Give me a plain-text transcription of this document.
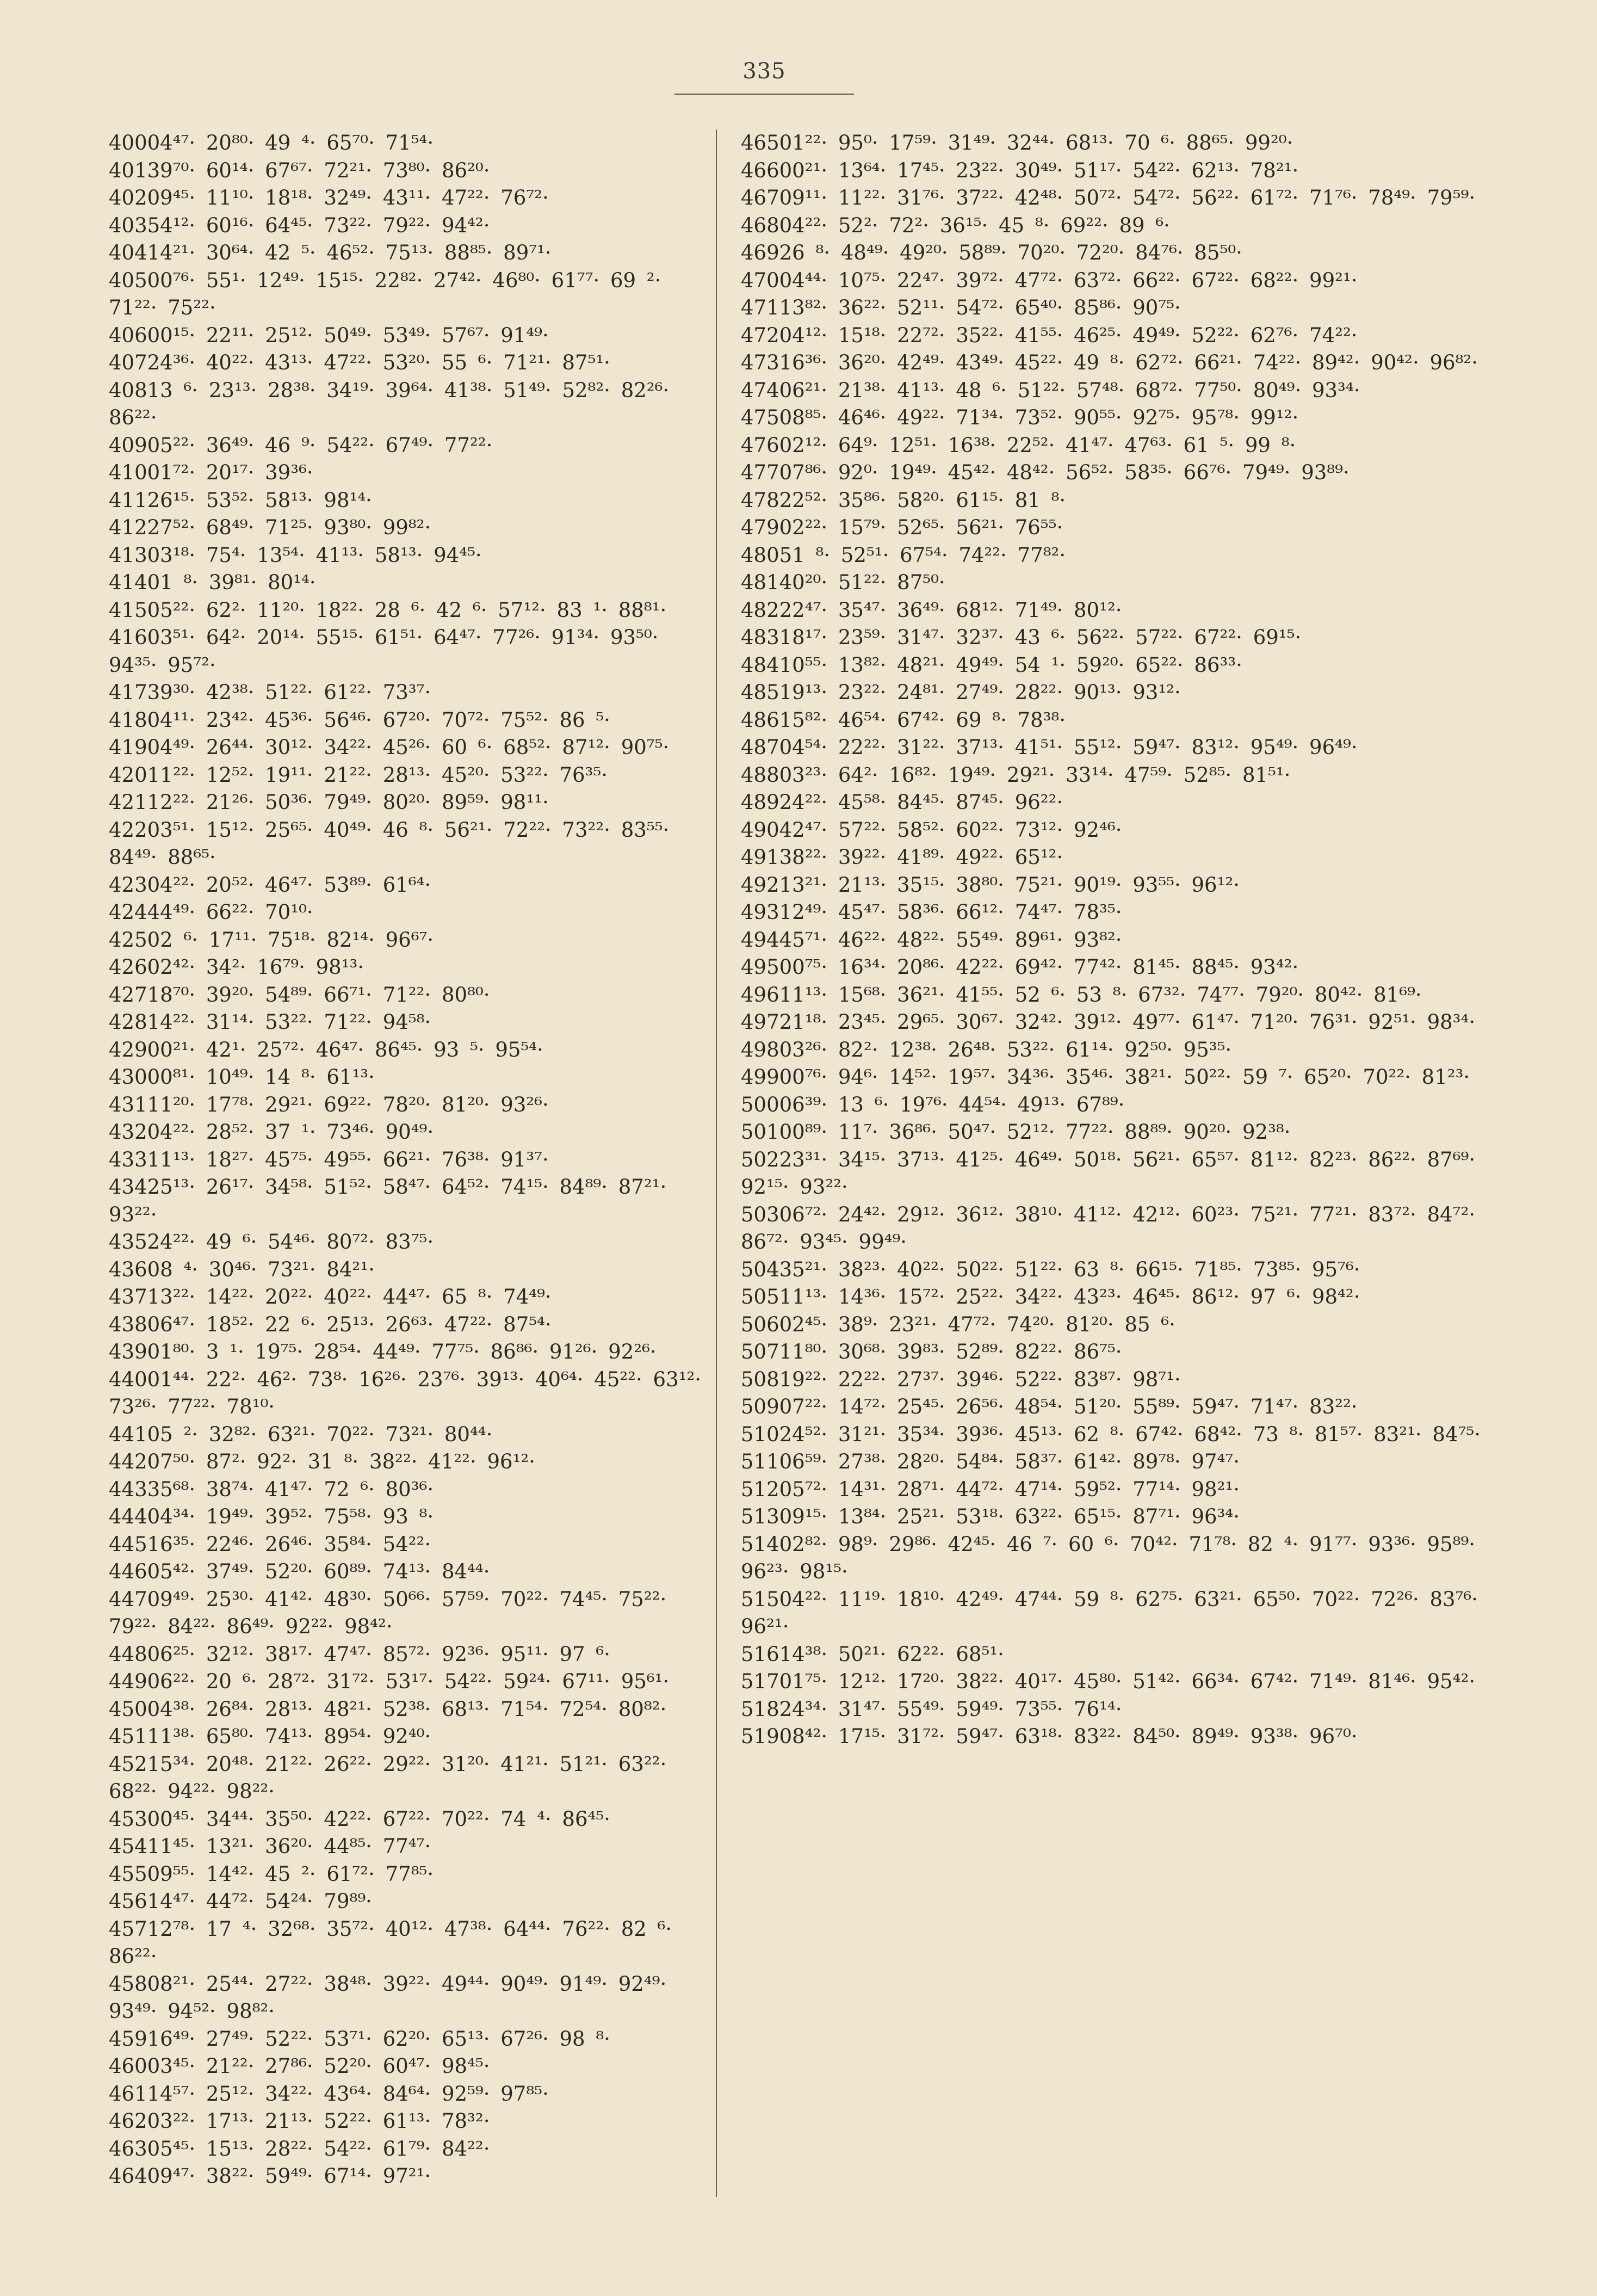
335
40004⁴⁷· 20⁸⁰· 49 ⁴· 65⁷⁰· 71⁵⁴·
40139⁷⁰· 60¹⁴· 67⁶⁷· 72²¹· 73⁸⁰· 86²⁰·
40209⁴⁵· 11¹⁰· 18¹⁸· 32⁴⁹· 43¹¹· 47²²· 76⁷²·
40354¹²· 60¹⁶· 64⁴⁵· 73²²· 79²²· 94⁴²·
40414²¹· 30⁶⁴· 42 ⁵· 46⁵²· 75¹³· 88⁸⁵· 89⁷¹·
40500⁷⁶· 55¹· 12⁴⁹· 15¹⁵· 22⁸²· 27⁴²· 46⁸⁰· 61⁷⁷· 69 ²· 71²²· 75²²·
40600¹⁵· 22¹¹· 25¹²· 50⁴⁹· 53⁴⁹· 57⁶⁷· 91⁴⁹·
40724³⁶· 40²²· 43¹³· 47²²· 53²⁰· 55 ⁶· 71²¹· 87⁵¹·
40813 ⁶· 23¹³· 28³⁸· 34¹⁹· 39⁶⁴· 41³⁸· 51⁴⁹· 52⁸²· 82²⁶· 86²²·
40905²²· 36⁴⁹· 46 ⁹· 54²²· 67⁴⁹· 77²²·
41001⁷²· 20¹⁷· 39³⁶·
41126¹⁵· 53⁵²· 58¹³· 98¹⁴·
41227⁵²· 68⁴⁹· 71²⁵· 93⁸⁰· 99⁸²·
41303¹⁸· 75⁴· 13⁵⁴· 41¹³· 58¹³· 94⁴⁵·
41401 ⁸· 39⁸¹· 80¹⁴·
41505²²· 62²· 11²⁰· 18²²· 28 ⁶· 42 ⁶· 57¹²· 83 ¹· 88⁸¹·
41603⁵¹· 64²· 20¹⁴· 55¹⁵· 61⁵¹· 64⁴⁷· 77²⁶· 91³⁴· 93⁵⁰· 94³⁵· 95⁷²·
41739³⁰· 42³⁸· 51²²· 61²²· 73³⁷·
41804¹¹· 23⁴²· 45³⁶· 56⁴⁶· 67²⁰· 70⁷²· 75⁵²· 86 ⁵·
41904⁴⁹· 26⁴⁴· 30¹²· 34²²· 45²⁶· 60 ⁶· 68⁵²· 87¹²· 90⁷⁵·
42011²²· 12⁵²· 19¹¹· 21²²· 28¹³· 45²⁰· 53²²· 76³⁵·
42112²²· 21²⁶· 50³⁶· 79⁴⁹· 80²⁰· 89⁵⁹· 98¹¹·
42203⁵¹· 15¹²· 25⁶⁵· 40⁴⁹· 46 ⁸· 56²¹· 72²²· 73²²· 83⁵⁵· 84⁴⁹· 88⁶⁵·
42304²²· 20⁵²· 46⁴⁷· 53⁸⁹· 61⁶⁴·
42444⁴⁹· 66²²· 70¹⁰·
42502 ⁶· 17¹¹· 75¹⁸· 82¹⁴· 96⁶⁷·
42602⁴²· 34²· 16⁷⁹· 98¹³·
42718⁷⁰· 39²⁰· 54⁸⁹· 66⁷¹· 71²²· 80⁸⁰·
42814²²· 31¹⁴· 53²²· 71²²· 94⁵⁸·
42900²¹· 42¹· 25⁷²· 46⁴⁷· 86⁴⁵· 93 ⁵· 95⁵⁴·
43000⁸¹· 10⁴⁹· 14 ⁸· 61¹³·
43111²⁰· 17⁷⁸· 29²¹· 69²²· 78²⁰· 81²⁰· 93²⁶·
43204²²· 28⁵²· 37 ¹· 73⁴⁶· 90⁴⁹·
43311¹³· 18²⁷· 45⁷⁵· 49⁵⁵· 66²¹· 76³⁸· 91³⁷·
43425¹³· 26¹⁷· 34⁵⁸· 51⁵²· 58⁴⁷· 64⁵²· 74¹⁵· 84⁸⁹· 87²¹· 93²²·
43524²²· 49 ⁶· 54⁴⁶· 80⁷²· 83⁷⁵·
43608 ⁴· 30⁴⁶· 73²¹· 84²¹·
43713²²· 14²²· 20²²· 40²²· 44⁴⁷· 65 ⁸· 74⁴⁹·
43806⁴⁷· 18⁵²· 22 ⁶· 25¹³· 26⁶³· 47²²· 87⁵⁴·
43901⁸⁰· 3 ¹· 19⁷⁵· 28⁵⁴· 44⁴⁹· 77⁷⁵· 86⁸⁶· 91²⁶· 92²⁶·
44001⁴⁴· 22²· 46²· 73⁸· 16²⁶· 23⁷⁶· 39¹³· 40⁶⁴· 45²²· 63¹²· 73²⁶· 77²²· 78¹⁰·
44105 ²· 32⁸²· 63²¹· 70²²· 73²¹· 80⁴⁴·
44207⁵⁰· 87²· 92²· 31 ⁸· 38²²· 41²²· 96¹²·
44335⁶⁸· 38⁷⁴· 41⁴⁷· 72 ⁶· 80³⁶·
44404³⁴· 19⁴⁹· 39⁵²· 75⁵⁸· 93 ⁸·
44516³⁵· 22⁴⁶· 26⁴⁶· 35⁸⁴· 54²²·
44605⁴²· 37⁴⁹· 52²⁰· 60⁸⁹· 74¹³· 84⁴⁴·
44709⁴⁹· 25³⁰· 41⁴²· 48³⁰· 50⁶⁶· 57⁵⁹· 70²²· 74⁴⁵· 75²²· 79²²· 84²²· 86⁴⁹· 92²²· 98⁴²·
44806²⁵· 32¹²· 38¹⁷· 47⁴⁷· 85⁷²· 92³⁶· 95¹¹· 97 ⁶·
44906²²· 20 ⁶· 28⁷²· 31⁷²· 53¹⁷· 54²²· 59²⁴· 67¹¹· 95⁶¹·
45004³⁸· 26⁸⁴· 28¹³· 48²¹· 52³⁸· 68¹³· 71⁵⁴· 72⁵⁴· 80⁸²·
45111³⁸· 65⁸⁰· 74¹³· 89⁵⁴· 92⁴⁰·
45215³⁴· 20⁴⁸· 21²²· 26²²· 29²²· 31²⁰· 41²¹· 51²¹· 63²²· 68²²· 94²²· 98²²·
45300⁴⁵· 34⁴⁴· 35⁵⁰· 42²²· 67²²· 70²²· 74 ⁴· 86⁴⁵·
45411⁴⁵· 13²¹· 36²⁰· 44⁸⁵· 77⁴⁷·
45509⁵⁵· 14⁴²· 45 ²· 61⁷²· 77⁸⁵·
45614⁴⁷· 44⁷²· 54²⁴· 79⁸⁹·
45712⁷⁸· 17 ⁴· 32⁶⁸· 35⁷²· 40¹²· 47³⁸· 64⁴⁴· 76²²· 82 ⁶· 86²²·
45808²¹· 25⁴⁴· 27²²· 38⁴⁸· 39²²· 49⁴⁴· 90⁴⁹· 91⁴⁹· 92⁴⁹· 93⁴⁹· 94⁵²· 98⁸²·
45916⁴⁹· 27⁴⁹· 52²²· 53⁷¹· 62²⁰· 65¹³· 67²⁶· 98 ⁸·
46003⁴⁵· 21²²· 27⁸⁶· 52²⁰· 60⁴⁷· 98⁴⁵·
46114⁵⁷· 25¹²· 34²²· 43⁶⁴· 84⁶⁴· 92⁵⁹· 97⁸⁵·
46203²²· 17¹³· 21¹³· 52²²· 61¹³· 78³²·
46305⁴⁵· 15¹³· 28²²· 54²²· 61⁷⁹· 84²²·
46409⁴⁷· 38²²· 59⁴⁹· 67¹⁴· 97²¹·
46501²²· 95⁰· 17⁵⁹· 31⁴⁹· 32⁴⁴· 68¹³· 70 ⁶· 88⁶⁵· 99²⁰·
46600²¹· 13⁶⁴· 17⁴⁵· 23²²· 30⁴⁹· 51¹⁷· 54²²· 62¹³· 78²¹·
46709¹¹· 11²²· 31⁷⁶· 37²²· 42⁴⁸· 50⁷²· 54⁷²· 56²²· 61⁷²· 71⁷⁶· 78⁴⁹· 79⁵⁹·
46804²²· 52²· 72²· 36¹⁵· 45 ⁸· 69²²· 89 ⁶·
46926 ⁸· 48⁴⁹· 49²⁰· 58⁸⁹· 70²⁰· 72²⁰· 84⁷⁶· 85⁵⁰·
47004⁴⁴· 10⁷⁵· 22⁴⁷· 39⁷²· 47⁷²· 63⁷²· 66²²· 67²²· 68²²· 99²¹·
47113⁸²· 36²²· 52¹¹· 54⁷²· 65⁴⁰· 85⁸⁶· 90⁷⁵·
47204¹²· 15¹⁸· 22⁷²· 35²²· 41⁵⁵· 46²⁵· 49⁴⁹· 52²²· 62⁷⁶· 74²²·
47316³⁶· 36²⁰· 42⁴⁹· 43⁴⁹· 45²²· 49 ⁸· 62⁷²· 66²¹· 74²²· 89⁴²· 90⁴²· 96⁸²·
47406²¹· 21³⁸· 41¹³· 48 ⁶· 51²²· 57⁴⁸· 68⁷²· 77⁵⁰· 80⁴⁹· 93³⁴·
47508⁸⁵· 46⁴⁶· 49²²· 71³⁴· 73⁵²· 90⁵⁵· 92⁷⁵· 95⁷⁸· 99¹²·
47602¹²· 64⁹· 12⁵¹· 16³⁸· 22⁵²· 41⁴⁷· 47⁶³· 61 ⁵· 99 ⁸·
47707⁸⁶· 92⁰· 19⁴⁹· 45⁴²· 48⁴²· 56⁵²· 58³⁵· 66⁷⁶· 79⁴⁹· 93⁸⁹·
47822⁵²· 35⁸⁶· 58²⁰· 61¹⁵· 81 ⁸·
47902²²· 15⁷⁹· 52⁶⁵· 56²¹· 76⁵⁵·
48051 ⁸· 52⁵¹· 67⁵⁴· 74²²· 77⁸²·
48140²⁰· 51²²· 87⁵⁰·
48222⁴⁷· 35⁴⁷· 36⁴⁹· 68¹²· 71⁴⁹· 80¹²·
48318¹⁷· 23⁵⁹· 31⁴⁷· 32³⁷· 43 ⁶· 56²²· 57²²· 67²²· 69¹⁵·
48410⁵⁵· 13⁸²· 48²¹· 49⁴⁹· 54 ¹· 59²⁰· 65²²· 86³³·
48519¹³· 23²²· 24⁸¹· 27⁴⁹· 28²²· 90¹³· 93¹²·
48615⁸²· 46⁵⁴· 67⁴²· 69 ⁸· 78³⁸·
48704⁵⁴· 22²²· 31²²· 37¹³· 41⁵¹· 55¹²· 59⁴⁷· 83¹²· 95⁴⁹· 96⁴⁹·
48803²³· 64²· 16⁸²· 19⁴⁹· 29²¹· 33¹⁴· 47⁵⁹· 52⁸⁵· 81⁵¹·
48924²²· 45⁵⁸· 84⁴⁵· 87⁴⁵· 96²²·
49042⁴⁷· 57²²· 58⁵²· 60²²· 73¹²· 92⁴⁶·
49138²²· 39²²· 41⁸⁹· 49²²· 65¹²·
49213²¹· 21¹³· 35¹⁵· 38⁸⁰· 75²¹· 90¹⁹· 93⁵⁵· 96¹²·
49312⁴⁹· 45⁴⁷· 58³⁶· 66¹²· 74⁴⁷· 78³⁵·
49445⁷¹· 46²²· 48²²· 55⁴⁹· 89⁶¹· 93⁸²·
49500⁷⁵· 16³⁴· 20⁸⁶· 42²²· 69⁴²· 77⁴²· 81⁴⁵· 88⁴⁵· 93⁴²·
49611¹³· 15⁶⁸· 36²¹· 41⁵⁵· 52 ⁶· 53 ⁸· 67³²· 74⁷⁷· 79²⁰· 80⁴²· 81⁶⁹·
49721¹⁸· 23⁴⁵· 29⁶⁵· 30⁶⁷· 32⁴²· 39¹²· 49⁷⁷· 61⁴⁷· 71²⁰· 76³¹· 92⁵¹· 98³⁴·
49803²⁶· 82²· 12³⁸· 26⁴⁸· 53²²· 61¹⁴· 92⁵⁰· 95³⁵·
49900⁷⁶· 94⁶· 14⁵²· 19⁵⁷· 34³⁶· 35⁴⁶· 38²¹· 50²²· 59 ⁷· 65²⁰· 70²²· 81²³·
50006³⁹· 13 ⁶· 19⁷⁶· 44⁵⁴· 49¹³· 67⁸⁹·
50100⁸⁹· 11⁷· 36⁸⁶· 50⁴⁷· 52¹²· 77²²· 88⁸⁹· 90²⁰· 92³⁸·
50223³¹· 34¹⁵· 37¹³· 41²⁵· 46⁴⁹· 50¹⁸· 56²¹· 65⁵⁷· 81¹²· 82²³· 86²²· 87⁶⁹· 92¹⁵· 93²²·
50306⁷²· 24⁴²· 29¹²· 36¹²· 38¹⁰· 41¹²· 42¹²· 60²³· 75²¹· 77²¹· 83⁷²· 84⁷²· 86⁷²· 93⁴⁵· 99⁴⁹·
50435²¹· 38²³· 40²²· 50²²· 51²²· 63 ⁸· 66¹⁵· 71⁸⁵· 73⁸⁵· 95⁷⁶·
50511¹³· 14³⁶· 15⁷²· 25²²· 34²²· 43²³· 46⁴⁵· 86¹²· 97 ⁶· 98⁴²·
50602⁴⁵· 38⁹· 23²¹· 47⁷²· 74²⁰· 81²⁰· 85 ⁶·
50711⁸⁰· 30⁶⁸· 39⁸³· 52⁸⁹· 82²²· 86⁷⁵·
50819²²· 22²²· 27³⁷· 39⁴⁶· 52²²· 83⁸⁷· 98⁷¹·
50907²²· 14⁷²· 25⁴⁵· 26⁵⁶· 48⁵⁴· 51²⁰· 55⁸⁹· 59⁴⁷· 71⁴⁷· 83²²·
51024⁵²· 31²¹· 35³⁴· 39³⁶· 45¹³· 62 ⁸· 67⁴²· 68⁴²· 73 ⁸· 81⁵⁷· 83²¹· 84⁷⁵·
51106⁵⁹· 27³⁸· 28²⁰· 54⁸⁴· 58³⁷· 61⁴²· 89⁷⁸· 97⁴⁷·
51205⁷²· 14³¹· 28⁷¹· 44⁷²· 47¹⁴· 59⁵²· 77¹⁴· 98²¹·
51309¹⁵· 13⁸⁴· 25²¹· 53¹⁸· 63²²· 65¹⁵· 87⁷¹· 96³⁴·
51402⁸²· 98⁹· 29⁸⁶· 42⁴⁵· 46 ⁷· 60 ⁶· 70⁴²· 71⁷⁸· 82 ⁴· 91⁷⁷· 93³⁶· 95⁸⁹· 96²³· 98¹⁵·
51504²²· 11¹⁹· 18¹⁰· 42⁴⁹· 47⁴⁴· 59 ⁸· 62⁷⁵· 63²¹· 65⁵⁰· 70²²· 72²⁶· 83⁷⁶· 96²¹·
51614³⁸· 50²¹· 62²²· 68⁵¹·
51701⁷⁵· 12¹²· 17²⁰· 38²²· 40¹⁷· 45⁸⁰· 51⁴²· 66³⁴· 67⁴²· 71⁴⁹· 81⁴⁶· 95⁴²·
51824³⁴· 31⁴⁷· 55⁴⁹· 59⁴⁹· 73⁵⁵· 76¹⁴·
51908⁴²· 17¹⁵· 31⁷²· 59⁴⁷· 63¹⁸· 83²²· 84⁵⁰· 89⁴⁹· 93³⁸· 96⁷⁰·
